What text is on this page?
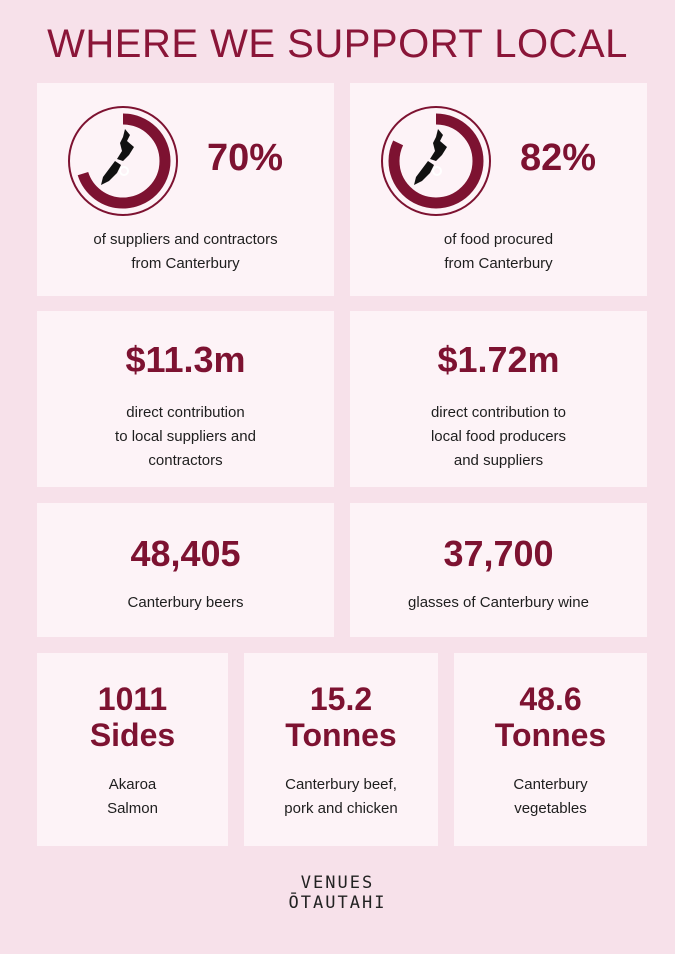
WHERE WE SUPPORT LOCAL
70%
of suppliers and contractors
from Canterbury
82%
of food procured
from Canterbury
$11.3m
direct contribution
to local suppliers and
contractors
$1.72m
direct contribution to
local food producers
and suppliers
48,405
Canterbury beers
37,700
glasses of Canterbury wine
1011
Sides
Akaroa
Salmon
15.2
Tonnes
Canterbury beef,
pork and chicken
48.6
Tonnes
Canterbury
vegetables
VENUES
ŌTAUTAHI
